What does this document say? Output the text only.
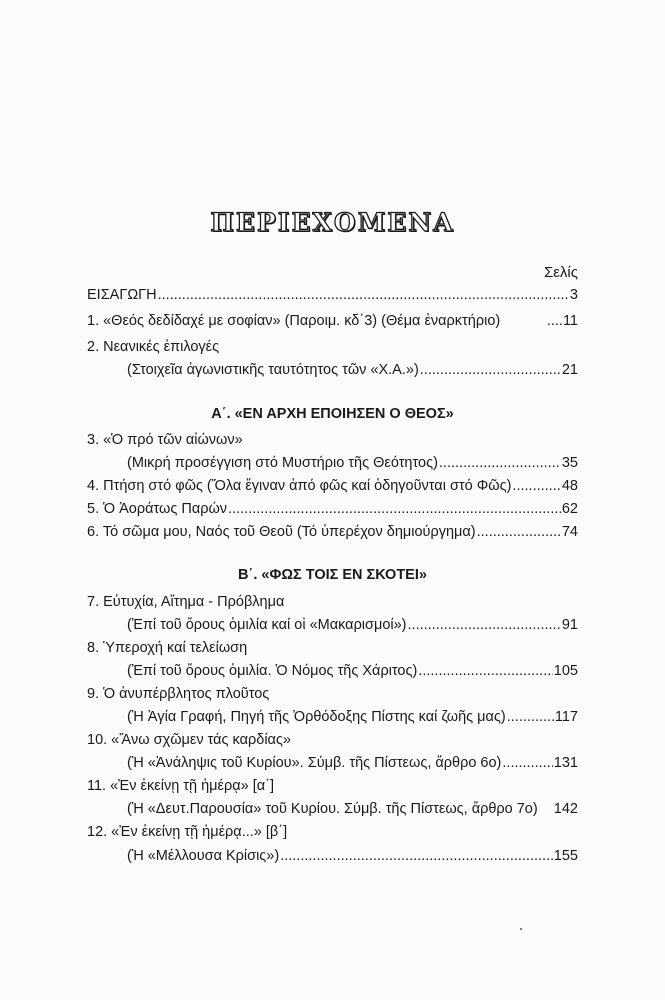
ΠΕΡΙΕΧΟΜΕΝΑ
Σελίς
ΕΙΣΑΓΩΓΗ .....	3
1. «Θεός δεδίδαχέ με σοφίαν» (Παροιμ. κδ΄3) (Θέμα ἐναρκτήριο)	....11
2. Νεανικές ἐπιλογές
(Στοιχεῖα ἀγωνιστικῆς ταυτότητος τῶν «Χ.Α.») .....	21
Α΄. «ΕΝ ΑΡΧΗ ΕΠΟΙΗΣΕΝ Ο ΘΕΟΣ»
3. «Ὁ πρό τῶν αἰώνων»
(Μικρή προσέγγιση στό Μυστήριο τῆς Θεότητος) .....	35
4. Πτήση στό φῶς (Ὅλα ἔγιναν ἀπό φῶς καί ὁδηγοῦνται στό Φῶς) .....	48
5. Ὁ Ἀοράτως Παρών .....	62
6. Τό σῶμα μου, Ναός τοῦ Θεοῦ (Τό ὑπερέχον δημιούργημα) .....	74
Β΄. «ΦΩΣ ΤΟΙΣ ΕΝ ΣΚΟΤΕΙ»
7. Εὐτυχία, Αἴτημα - Πρόβλημα
(Ἐπί τοῦ ὄρους ὁμιλία καί οἱ «Μακαρισμοί») .....	91
8. Ὑπεροχή καί τελείωση
(Ἐπί τοῦ ὄρους ὁμιλία. Ὁ Νόμος τῆς Χάριτος) .....	105
9. Ὁ ἀνυπέρβλητος πλοῦτος
(Ἡ Ἁγία Γραφή, Πηγή τῆς Ὀρθόδοξης Πίστης καί ζωῆς μας) .....	117
10. «Ἄνω σχῶμεν τάς καρδίας»
(Ἡ «Ἀνάληψις τοῦ Κυρίου». Σύμβ. τῆς Πίστεως, ἄρθρο 6ο) .....	131
11. «Ἐν ἐκείνῃ τῇ ἡμέρᾳ» [α΄]
(Ἡ «Δευτ.Παρουσία» τοῦ Κυρίου. Σύμβ. τῆς Πίστεως, ἄρθρο 7ο) 142
12. «Ἐν ἐκείνῃ τῇ ἡμέρᾳ...» [β΄]
(Ἡ «Μέλλουσα Κρίσις») .....	155
